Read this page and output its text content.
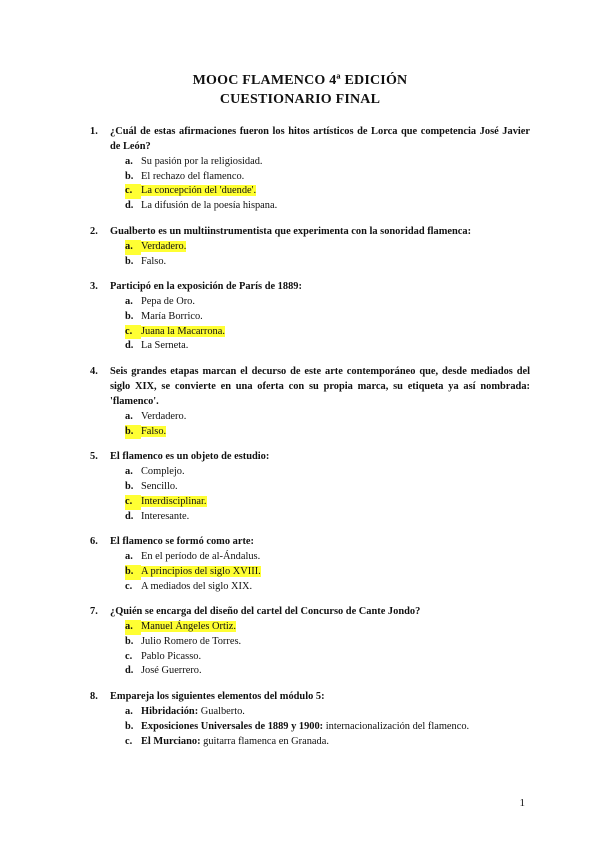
MOOC FLAMENCO 4ª EDICIÓN
CUESTIONARIO FINAL
1.	¿Cuál de estas afirmaciones fueron los hitos artísticos de Lorca que competencia José Javier de León?
a. Su pasión por la religiosidad.
b. El rechazo del flamenco.
c. La concepción del 'duende'.
d. La difusión de la poesía hispana.
2.	Gualberto es un multiinstrumentista que experimenta con la sonoridad flamenca:
a. Verdadero.
b. Falso.
3.	Participó en la exposición de París de 1889:
a. Pepa de Oro.
b. María Borrico.
c. Juana la Macarrona.
d. La Serneta.
4.	Seis grandes etapas marcan el decurso de este arte contemporáneo que, desde mediados del siglo XIX, se convierte en una oferta con su propia marca, su etiqueta ya así nombrada: 'flamenco'.
a. Verdadero.
b. Falso.
5.	El flamenco es un objeto de estudio:
a. Complejo.
b. Sencillo.
c. Interdisciplinar.
d. Interesante.
6.	El flamenco se formó como arte:
a. En el período de al-Ándalus.
b. A principios del siglo XVIII.
c. A mediados del siglo XIX.
7.	¿Quién se encarga del diseño del cartel del Concurso de Cante Jondo?
a. Manuel Ángeles Ortiz.
b. Julio Romero de Torres.
c. Pablo Picasso.
d. José Guerrero.
8.	Empareja los siguientes elementos del módulo 5:
a. Hibridación: Gualberto.
b. Exposiciones Universales de 1889 y 1900: internacionalización del flamenco.
c. El Murciano: guitarra flamenca en Granada.
1
